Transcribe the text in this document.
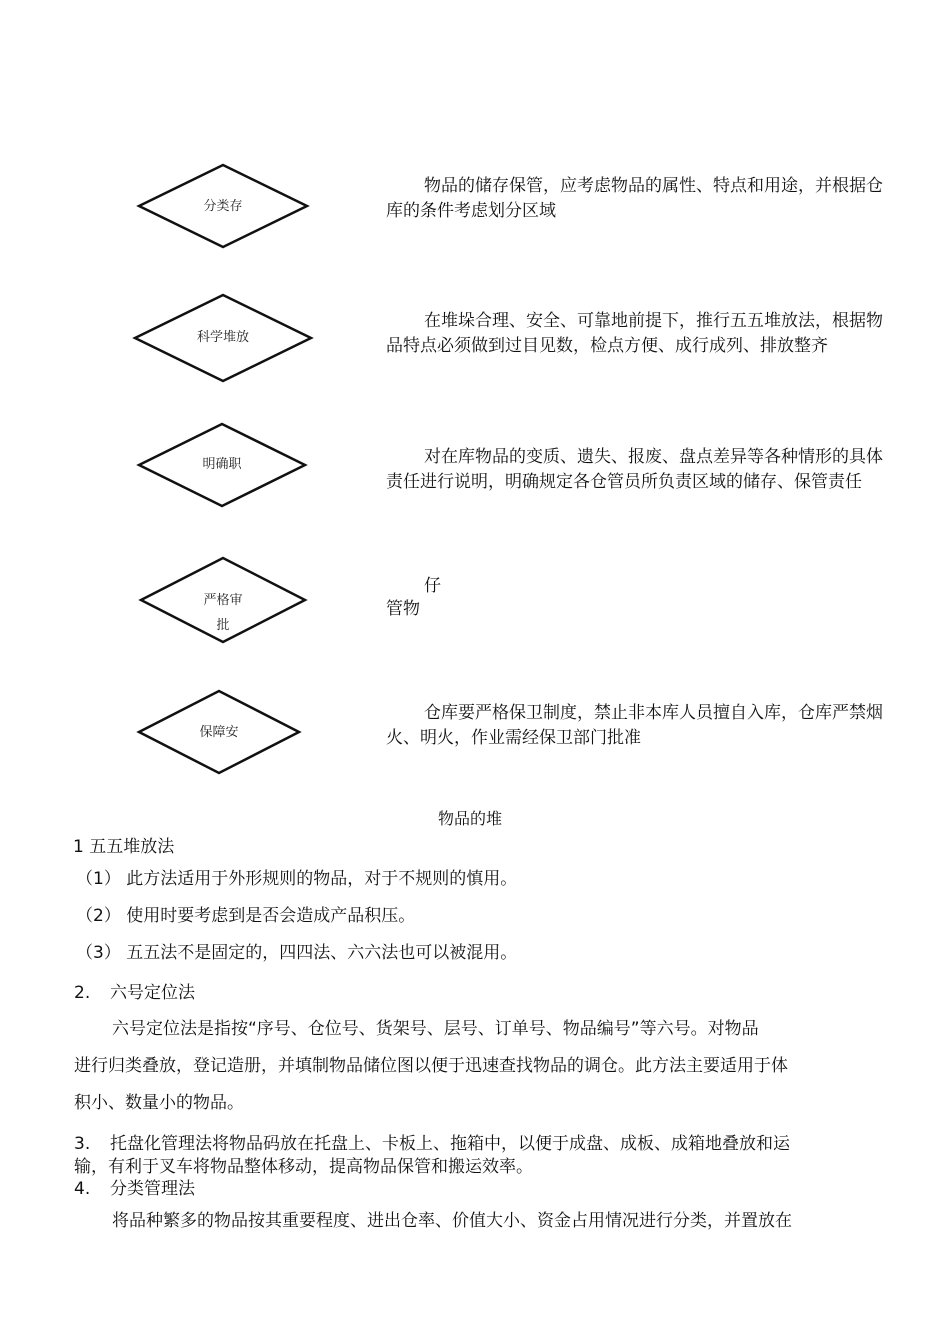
分类存

物品的储存保管，应考虑物品的属性、特点和用途，并根据仓库的条件考虑划分区域

科学堆放

在堆垛合理、安全、可靠地前提下，推行五五堆放法，根据物品特点必须做到过目见数，检点方便、成行成列、排放整齐

明确职	对在库物品的变质、遗失、报废、盘点差异等各种情形的具体责任进行说明，明确规定各仓管员所负责区域的储存、保管责任

严格审
批
仔
管物
保障安

仓库要严格保卫制度，禁止非本库人员擅自入库，仓库严禁烟火、明火，作业需经保卫部门批准

物品的堆
1 五五堆放法
（1） 此方法适用于外形规则的物品，对于不规则的慎用。
（2） 使用时要考虑到是否会造成产品积压。
（3） 五五法不是固定的，四四法、六六法也可以被混用。
2. 六号定位法
六号定位法是指按“序号、仓位号、货架号、层号、订单号、物品编号”等六号。对物品
进行归类叠放，登记造册，并填制物品储位图以便于迅速查找物品的调仓。此方法主要适用于体
积小、数量小的物品。
3. 托盘化管理法将物品码放在托盘上、卡板上、拖箱中，以便于成盘、成板、成箱地叠放和运
输，有利于叉车将物品整体移动，提高物品保管和搬运效率。
4. 分类管理法
将品种繁多的物品按其重要程度、进出仓率、价值大小、资金占用情况进行分类，并置放在
